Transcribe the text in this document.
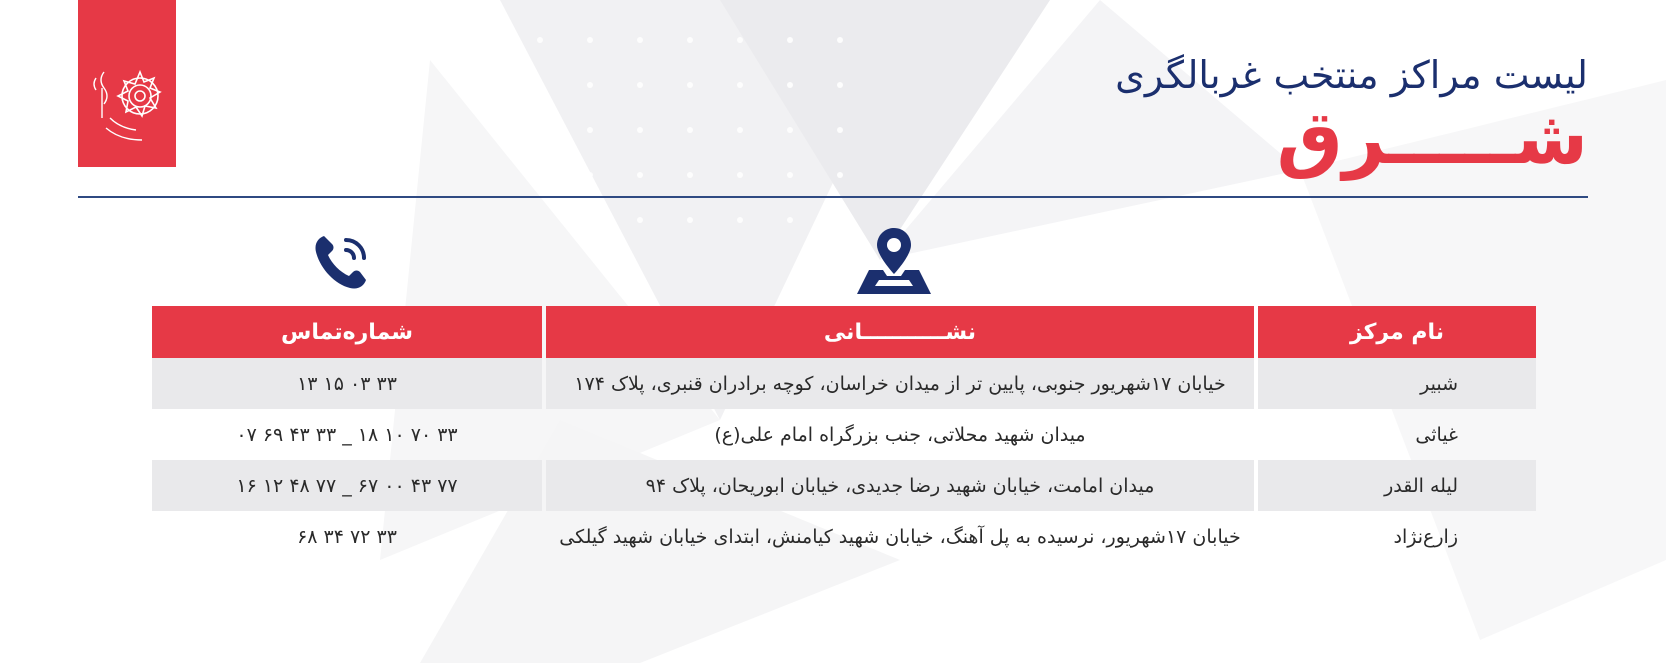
لیست مراکز منتخب غربالگری
شـــــرق
نام مرکز	نشـــــــــــانی	شماره‌تماس
شبیر	خیابان ۱۷شهریور جنوبی، پایین تر از میدان خراسان، کوچه برادران قنبری، پلاک ۱۷۴	۳۳ ۰۳ ۱۵ ۱۳
غیاثی	میدان شهید محلاتی، جنب بزرگراه امام علی(ع)	۳۳ ۷۰ ۱۰ ۱۸ _ ۳۳ ۴۳ ۶۹ ۰۷
لیله القدر	میدان امامت، خیابان شهید رضا جدیدی، خیابان ابوریحان، پلاک ۹۴	۷۷ ۴۳ ۰۰ ۶۷ _ ۷۷ ۴۸ ۱۲ ۱۶
زارع‌نژاد	خیابان ۱۷شهریور، نرسیده به پل آهنگ، خیابان شهید کیامنش، ابتدای خیابان شهید گیلکی	۳۳ ۷۲ ۳۴ ۶۸
